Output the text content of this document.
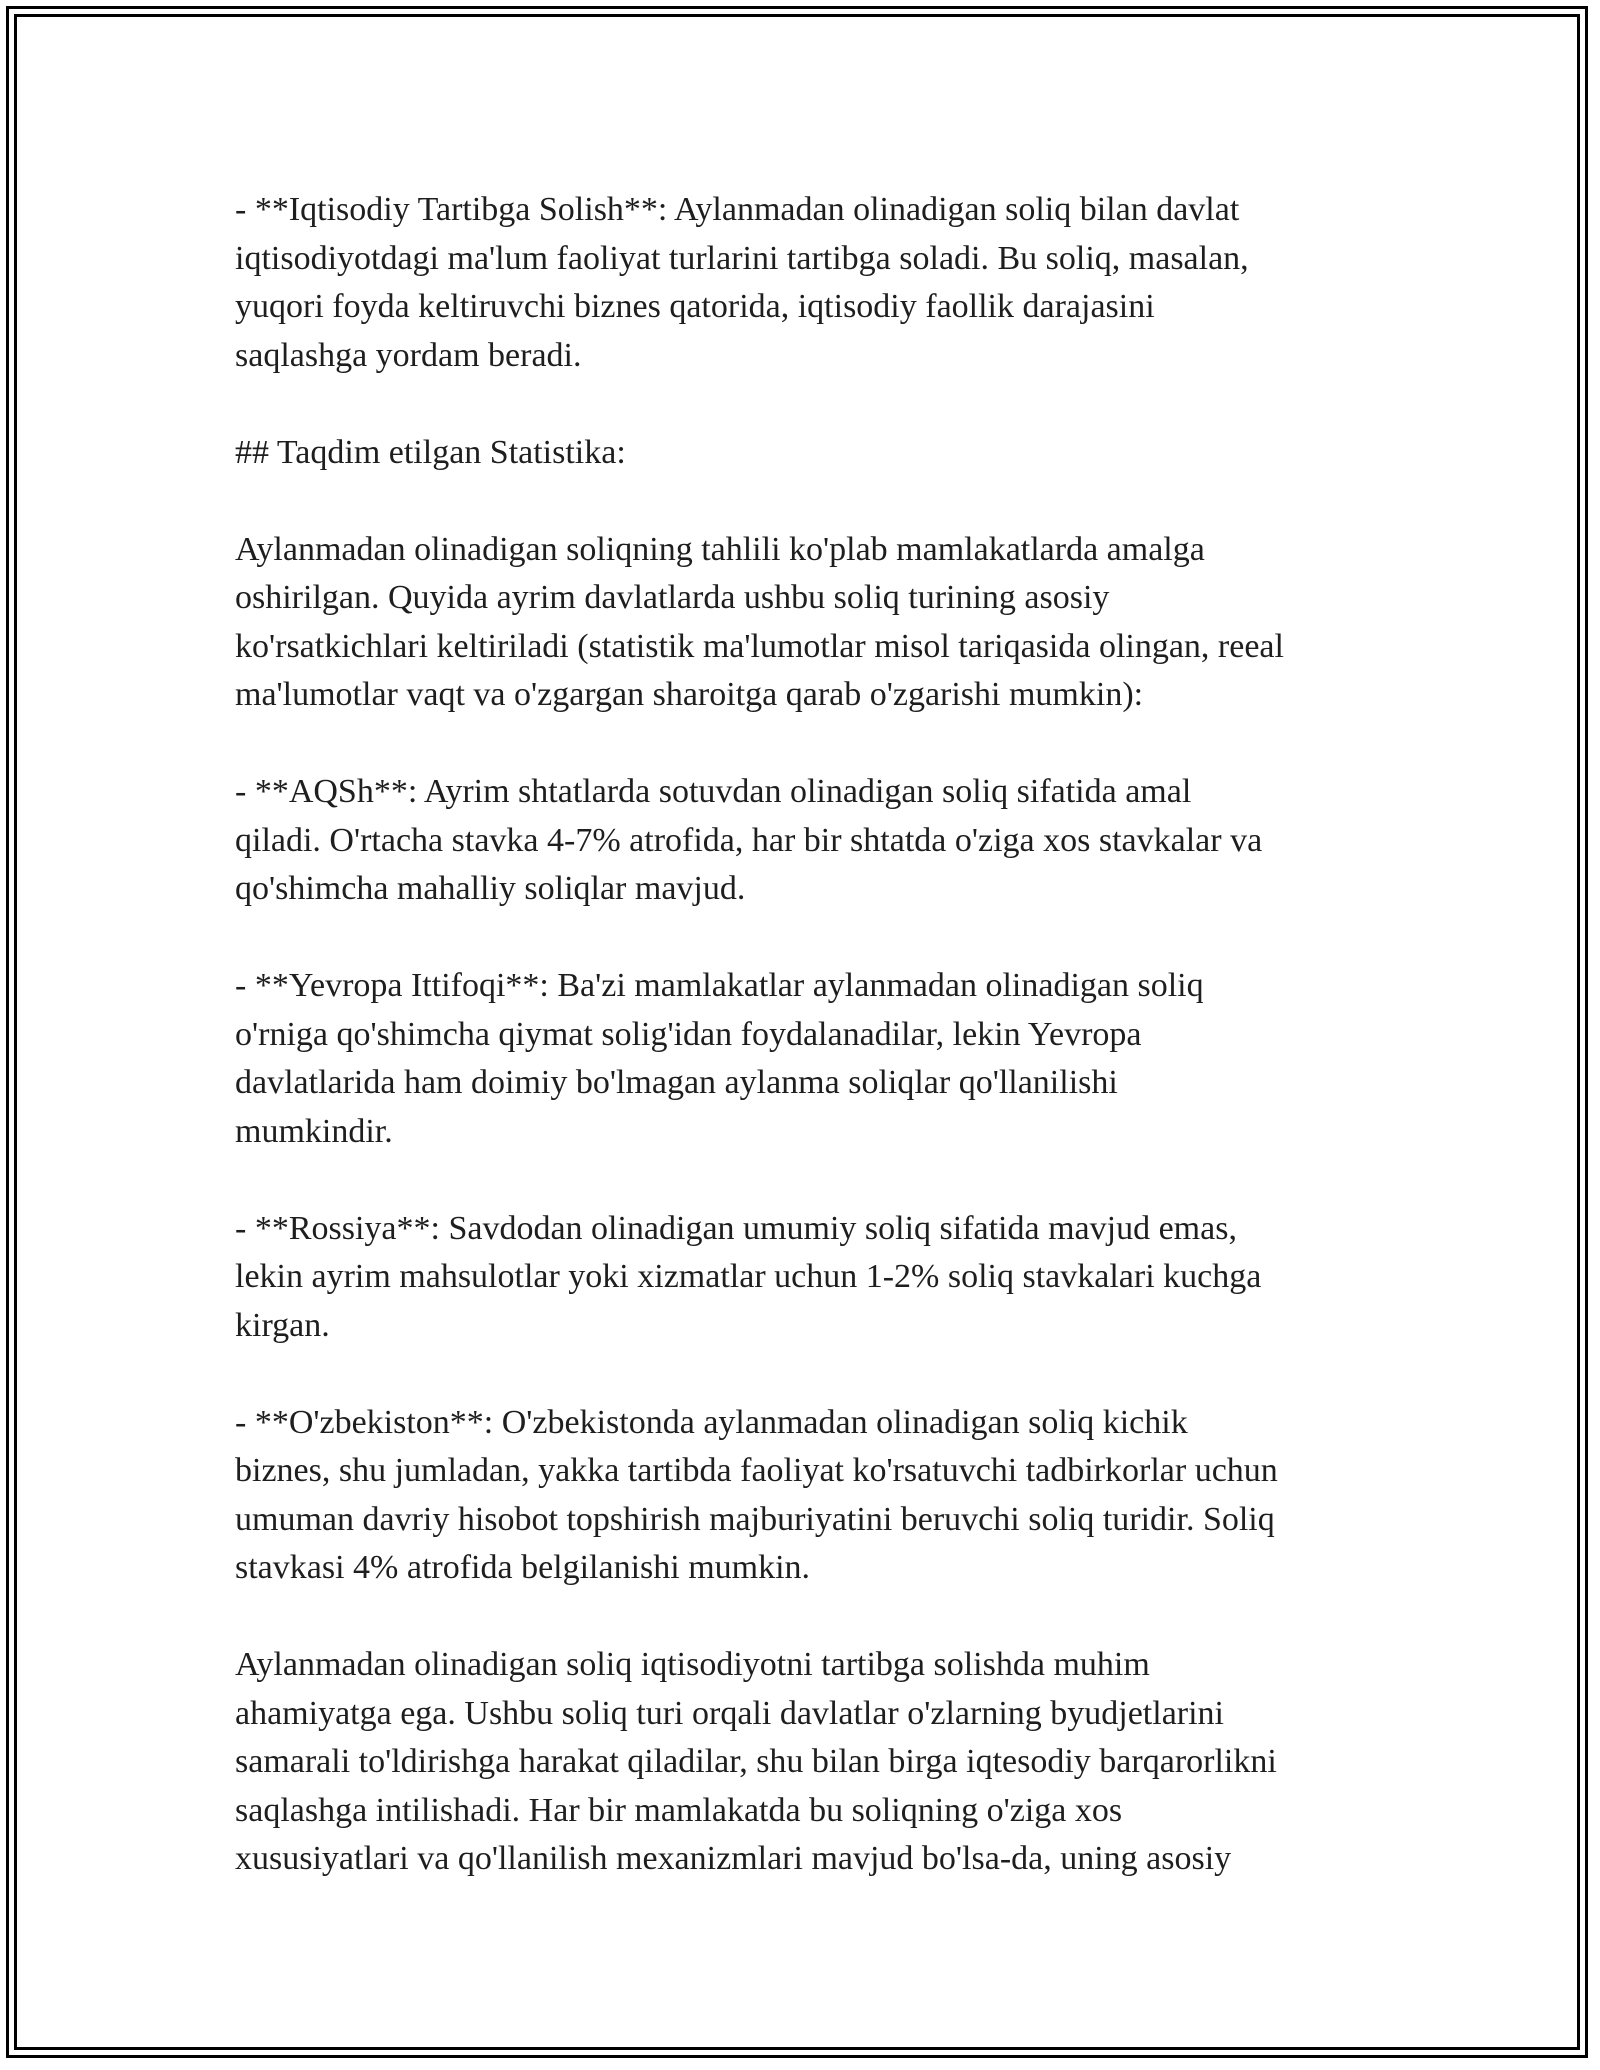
- **Iqtisodiy Tartibga Solish**: Aylanmadan olinadigan soliq bilan davlat
iqtisodiyotdagi ma'lum faoliyat turlarini tartibga soladi. Bu soliq, masalan,
yuqori foyda keltiruvchi biznes qatorida, iqtisodiy faollik darajasini
saqlashga yordam beradi.

## Taqdim etilgan Statistika:

Aylanmadan olinadigan soliqning tahlili ko'plab mamlakatlarda amalga
oshirilgan. Quyida ayrim davlatlarda ushbu soliq turining asosiy
ko'rsatkichlari keltiriladi (statistik ma'lumotlar misol tariqasida olingan, reeal
ma'lumotlar vaqt va o'zgargan sharoitga qarab o'zgarishi mumkin):

- **AQSh**: Ayrim shtatlarda sotuvdan olinadigan soliq sifatida amal
qiladi. O'rtacha stavka 4-7% atrofida, har bir shtatda o'ziga xos stavkalar va
qo'shimcha mahalliy soliqlar mavjud.

- **Yevropa Ittifoqi**: Ba'zi mamlakatlar aylanmadan olinadigan soliq
o'rniga qo'shimcha qiymat solig'idan foydalanadilar, lekin Yevropa
davlatlarida ham doimiy bo'lmagan aylanma soliqlar qo'llanilishi
mumkindir.

- **Rossiya**: Savdodan olinadigan umumiy soliq sifatida mavjud emas,
lekin ayrim mahsulotlar yoki xizmatlar uchun 1-2% soliq stavkalari kuchga
kirgan.

- **O'zbekiston**: O'zbekistonda aylanmadan olinadigan soliq kichik
biznes, shu jumladan, yakka tartibda faoliyat ko'rsatuvchi tadbirkorlar uchun
umuman davriy hisobot topshirish majburiyatini beruvchi soliq turidir. Soliq
stavkasi 4% atrofida belgilanishi mumkin.

Aylanmadan olinadigan soliq iqtisodiyotni tartibga solishda muhim
ahamiyatga ega. Ushbu soliq turi orqali davlatlar o'zlarning byudjetlarini
samarali to'ldirishga harakat qiladilar, shu bilan birga iqtesodiy barqarorlikni
saqlashga intilishadi. Har bir mamlakatda bu soliqning o'ziga xos
xususiyatlari va qo'llanilish mexanizmlari mavjud bo'lsa-da, uning asosiy
